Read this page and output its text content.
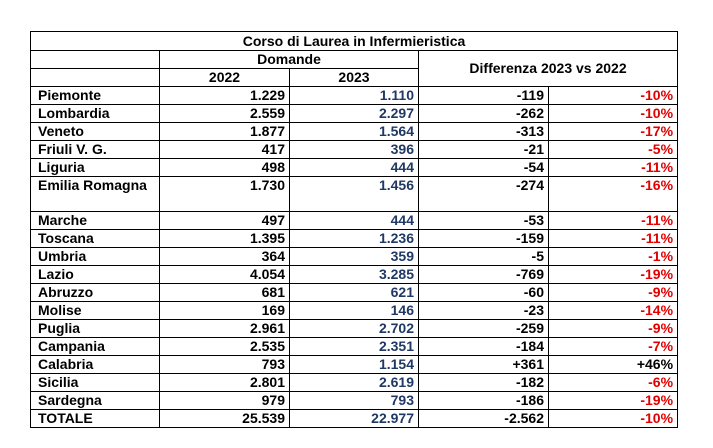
Corso di Laurea in Infermieristica				
	Domande		Differenza 2023 vs 2022	
	2022	2023		
Piemonte	1.229	1.110	-119	-10%
Lombardia	2.559	2.297	-262	-10%
Veneto	1.877	1.564	-313	-17%
Friuli V. G.	417	396	-21	-5%
Liguria	498	444	-54	-11%
Emilia Romagna	1.730	1.456	-274	-16%
Marche	497	444	-53	-11%
Toscana	1.395	1.236	-159	-11%
Umbria	364	359	-5	-1%
Lazio	4.054	3.285	-769	-19%
Abruzzo	681	621	-60	-9%
Molise	169	146	-23	-14%
Puglia	2.961	2.702	-259	-9%
Campania	2.535	2.351	-184	-7%
Calabria	793	1.154	+361	+46%
Sicilia	2.801	2.619	-182	-6%
Sardegna	979	793	-186	-19%
TOTALE	25.539	22.977	-2.562	-10%
